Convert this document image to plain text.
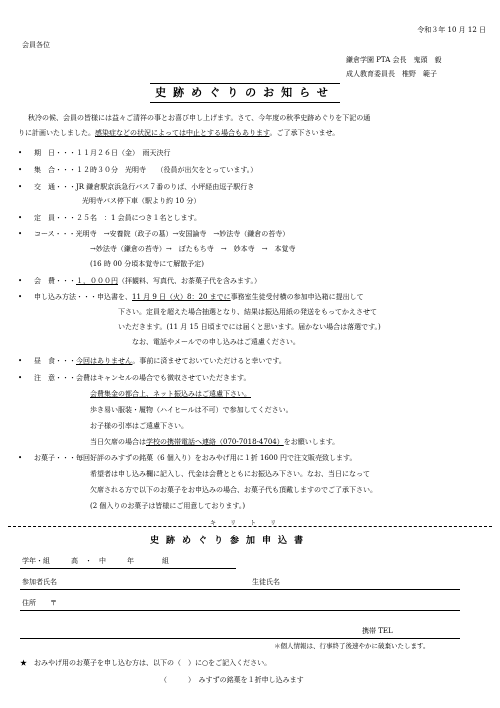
令和３年 10 月 12 日
会員各位
鎌倉学園 PTA 会長　鬼頭　毅
成人教育委員長　椎野　範子
史跡めぐりのお知らせ
秋冷の候、会員の皆様には益々ご清祥の事とお喜び申し上げます。さて、今年度の秋季史跡めぐりを下記の通
りに計画いたしました。感染症などの状況によっては中止とする場合もあります。ご了承下さいませ。
• 期　日・・・１１月２６日（金）　雨天決行
• 集　合・・・１２時３０分　光明寺　　（役員が出欠をとっています。）
• 交　通・・・JR 鎌倉駅京浜急行バス７番のりば、小坪経由逗子駅行き
光明寺バス停下車（駅より約 10 分）
• 定　員・・・２５名　：1 会員につき１名とします。
• コース・・・光明寺　→安養院（政子の墓）→安国論寺　→妙法寺（鎌倉の苔寺）
→妙法寺（鎌倉の苔寺）→　ぼたもち寺　→　妙本寺　→　本覚寺
(16 時 00 分頃本覚寺にて解散予定)
• 会　費・・・１，０００円（拝観料、写真代、お茶菓子代を含みます。）
• 申し込み方法・・・申込書を、11 月 9 日（火）8：20 までに事務室生徒受付横の参加申込箱に提出して
下さい。定員を超えた場合抽選となり、結果は振込用紙の発送をもってかえさせて
いただきます。(11 月 15 日頃までには届くと思います。届かない場合は落選です。)
なお、電話やメールでの申し込みはご遠慮ください。
• 昼　食・・・今回はありません。事前に済ませておいていただけると幸いです。
• 注　意・・・会費はキャンセルの場合でも徴収させていただきます。
会費集金の都合上、ネット振込みはご遠慮下さい。
歩き易い服装・履物（ハイヒールは不可）で参加してください。
お子様の引率はご遠慮下さい。
当日欠席の場合は学校の携帯電話へ連絡（070-7018-4704）をお願いします。
• お菓子・・・毎回好評のみすずの銘菓（6 個入り）をおみやげ用に１折 1600 円で注文販売致します。
希望者は申し込み欄に記入し、代金は会費とともにお振込み下さい。なお、当日になって
欠席される方で以下のお菓子をお申込みの場合、お菓子代も頂戴しますのでご了承下さい。
(2 個入りのお菓子は皆様にご用意しております。)
キリトリ
史跡めぐり参加申込書
学年・組　　　高　・　中　　　年　　　　組
参加者氏名	生徒氏名
住所　　〒
携帯 TEL
＊個人情報は、行事終了後速やかに破棄いたします。
★　おみやげ用のお菓子を申し込む方は、以下の（　）に○をご記入ください。
（　　　）　みすずの銘菓を１折申し込みます
